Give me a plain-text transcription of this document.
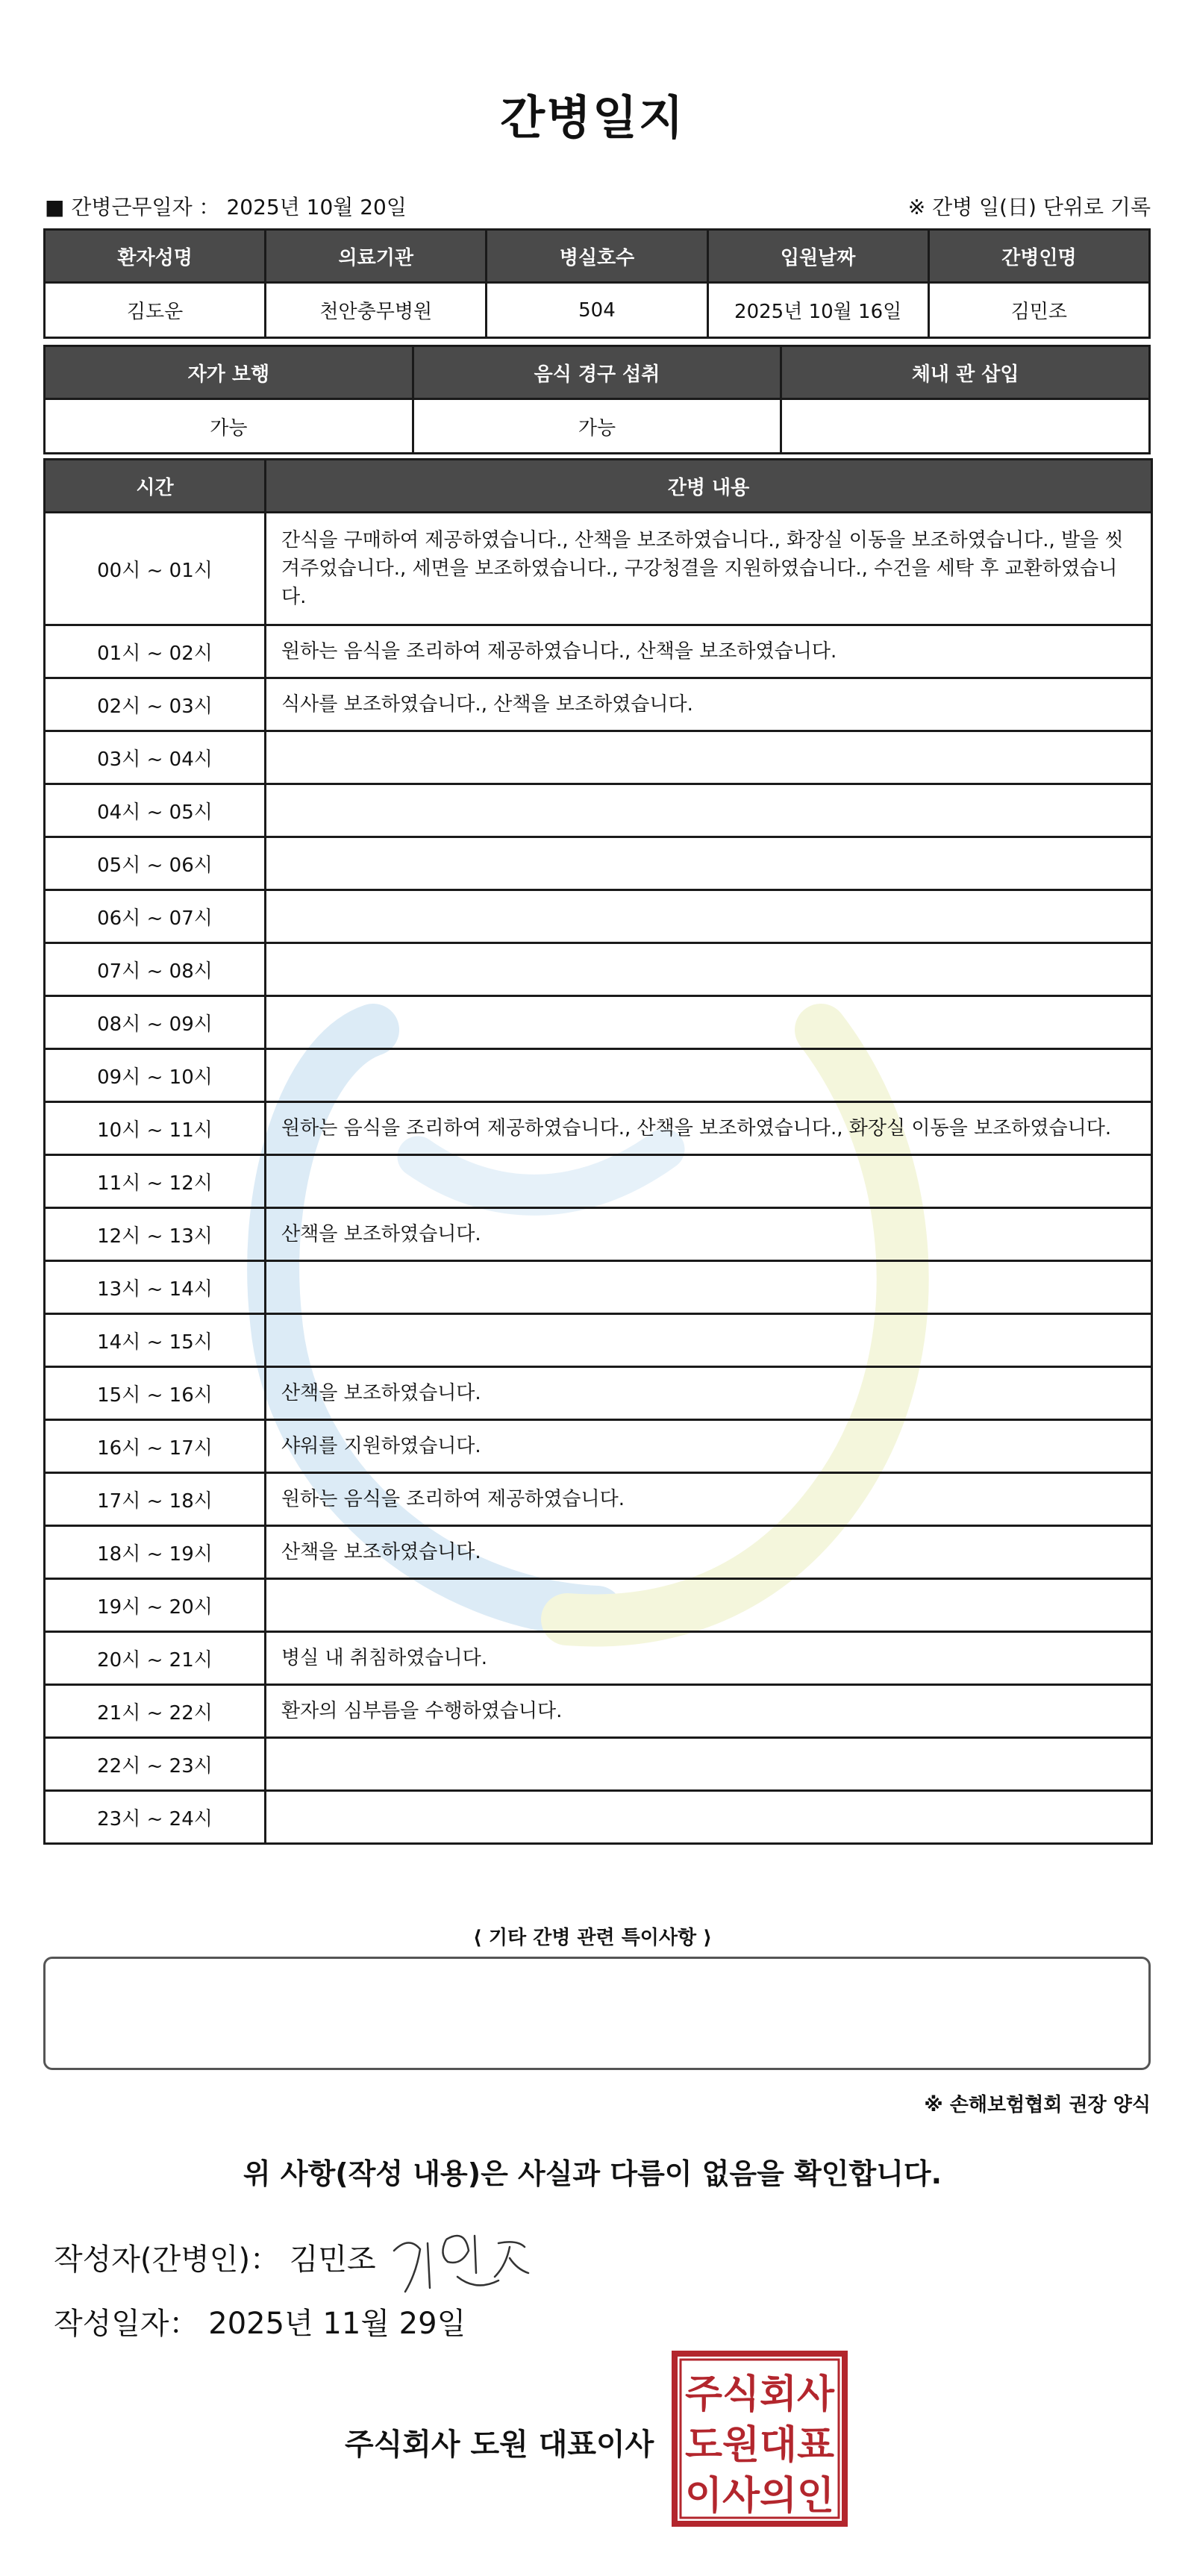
간병일지
■ 간병근무일자 ： 2025년 10월 20일	※ 간병 일(日) 단위로 기록
환자성명	의료기관	병실호수	입원날짜	간병인명
김도운	천안충무병원	504	2025년 10월 16일	김민조
자가 보행	음식 경구 섭취	체내 관 삽입
가능	가능	
시간	간병 내용
00시 ~ 01시	간식을 구매하여 제공하였습니다., 산책을 보조하였습니다., 화장실 이동을 보조하였습니다., 발을 씻겨주었습니다., 세면을 보조하였습니다., 구강청결을 지원하였습니다., 수건을 세탁 후 교환하였습니다.
01시 ~ 02시	원하는 음식을 조리하여 제공하였습니다., 산책을 보조하였습니다.
02시 ~ 03시	식사를 보조하였습니다., 산책을 보조하였습니다.
03시 ~ 04시	
04시 ~ 05시	
05시 ~ 06시	
06시 ~ 07시	
07시 ~ 08시	
08시 ~ 09시	
09시 ~ 10시	
10시 ~ 11시	원하는 음식을 조리하여 제공하였습니다., 산책을 보조하였습니다., 화장실 이동을 보조하였습니다.
11시 ~ 12시	
12시 ~ 13시	산책을 보조하였습니다.
13시 ~ 14시	
14시 ~ 15시	
15시 ~ 16시	산책을 보조하였습니다.
16시 ~ 17시	샤워를 지원하였습니다.
17시 ~ 18시	원하는 음식을 조리하여 제공하였습니다.
18시 ~ 19시	산책을 보조하였습니다.
19시 ~ 20시	
20시 ~ 21시	병실 내 취침하였습니다.
21시 ~ 22시	환자의 심부름을 수행하였습니다.
22시 ~ 23시	
23시 ~ 24시	
⟨ 기타 간병 관련 특이사항 ⟩
※ 손해보험협회 권장 양식
위 사항(작성 내용)은 사실과 다름이 없음을 확인합니다.
작성자(간병인)： 김민조
작성일자： 2025년 11월 29일
주식회사 도원 대표이사
주식회사
도원대표
이사의인
